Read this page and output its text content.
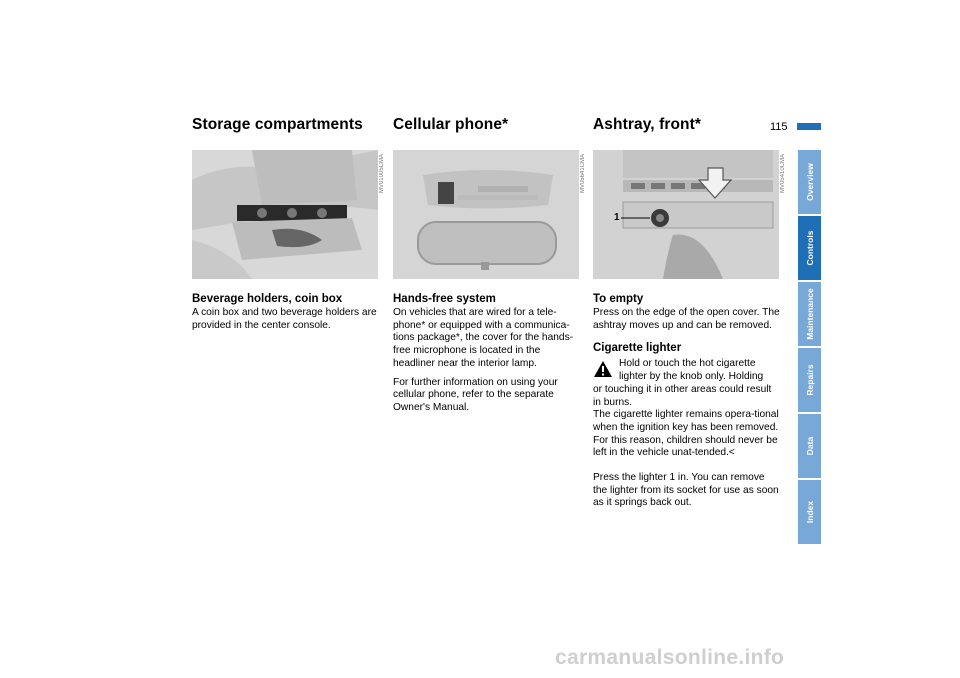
115
Storage compartments
MV01005CMA
Beverage holders, coin box

A coin box and two beverage holders are provided in the center console.

Cellular phone*
MV05641CMA
Hands-free system

On vehicles that are wired for a tele-phone* or equipped with a communica-tions package*, the cover for the hands-free microphone is located in the headliner near the interior lamp.

For further information on using your cellular phone, refer to the separate Owner's Manual.

Ashtray, front*
1
MV05410CMA
To empty

Press on the edge of the open cover. The ashtray moves up and can be removed.

Cigarette lighter

Hold or touch the hot cigarette

lighter by the knob only. Holding

or touching it in other areas could result in burns.

The cigarette lighter remains opera-tional when the ignition key has been removed. For this reason, children should never be left in the vehicle unat-tended.<

Press the lighter 1 in. You can remove the lighter from its socket for use as soon as it springs back out.

Overview
Controls
Maintenance
Repairs
Data
Index
carmanualsonline.info
